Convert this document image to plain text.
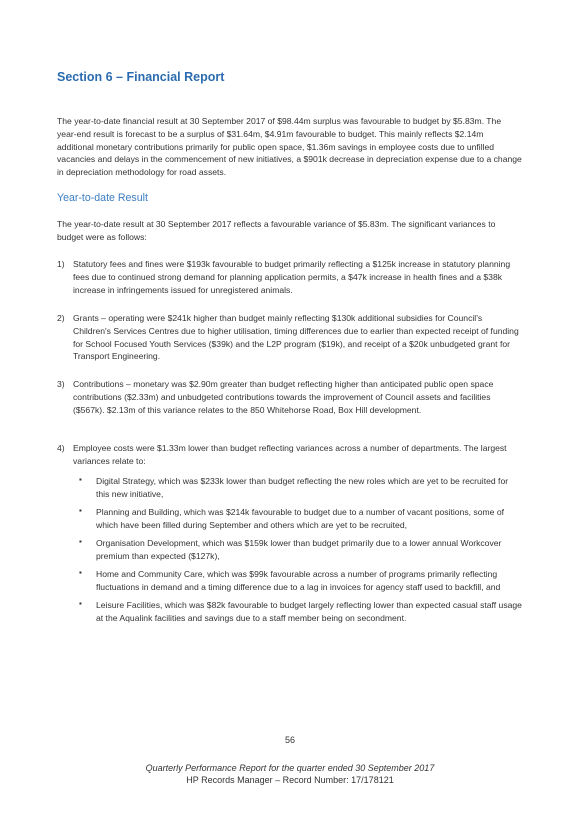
Section 6 – Financial Report

The year-to-date financial result at 30 September 2017 of $98.44m surplus was favourable to budget by $5.83m. The year-end result is forecast to be a surplus of $31.64m, $4.91m favourable to budget. This mainly reflects $2.14m additional monetary contributions primarily for public open space, $1.36m savings in employee costs due to unfilled vacancies and delays in the commencement of new initiatives, a $901k decrease in depreciation expense due to a change in depreciation methodology for road assets.

Year-to-date Result

The year-to-date result at 30 September 2017 reflects a favourable variance of $5.83m. The significant variances to budget were as follows:

1) Statutory fees and fines were $193k favourable to budget primarily reflecting a $125k increase in statutory planning fees due to continued strong demand for planning application permits, a $47k increase in health fines and a $38k increase in infringements issued for unregistered animals.

2) Grants – operating were $241k higher than budget mainly reflecting $130k additional subsidies for Council's Children's Services Centres due to higher utilisation, timing differences due to earlier than expected receipt of funding for School Focused Youth Services ($39k) and the L2P program ($19k), and receipt of a $20k unbudgeted grant for Transport Engineering.

3) Contributions – monetary was $2.90m greater than budget reflecting higher than anticipated public open space contributions ($2.33m) and unbudgeted contributions towards the improvement of Council assets and facilities ($567k). $2.13m of this variance relates to the 850 Whitehorse Road, Box Hill development.

4) Employee costs were $1.33m lower than budget reflecting variances across a number of departments. The largest variances relate to:

▪ Digital Strategy, which was $233k lower than budget reflecting the new roles which are yet to be recruited for this new initiative,

▪ Planning and Building, which was $214k favourable to budget due to a number of vacant positions, some of which have been filled during September and others which are yet to be recruited,

▪ Organisation Development, which was $159k lower than budget primarily due to a lower annual Workcover premium than expected ($127k),

▪ Home and Community Care, which was $99k favourable across a number of programs primarily reflecting fluctuations in demand and a timing difference due to a lag in invoices for agency staff used to backfill, and

▪ Leisure Facilities, which was $82k favourable to budget largely reflecting lower than expected casual staff usage at the Aqualink facilities and savings due to a staff member being on secondment.

56
Quarterly Performance Report for the quarter ended 30 September 2017
HP Records Manager – Record Number: 17/178121
